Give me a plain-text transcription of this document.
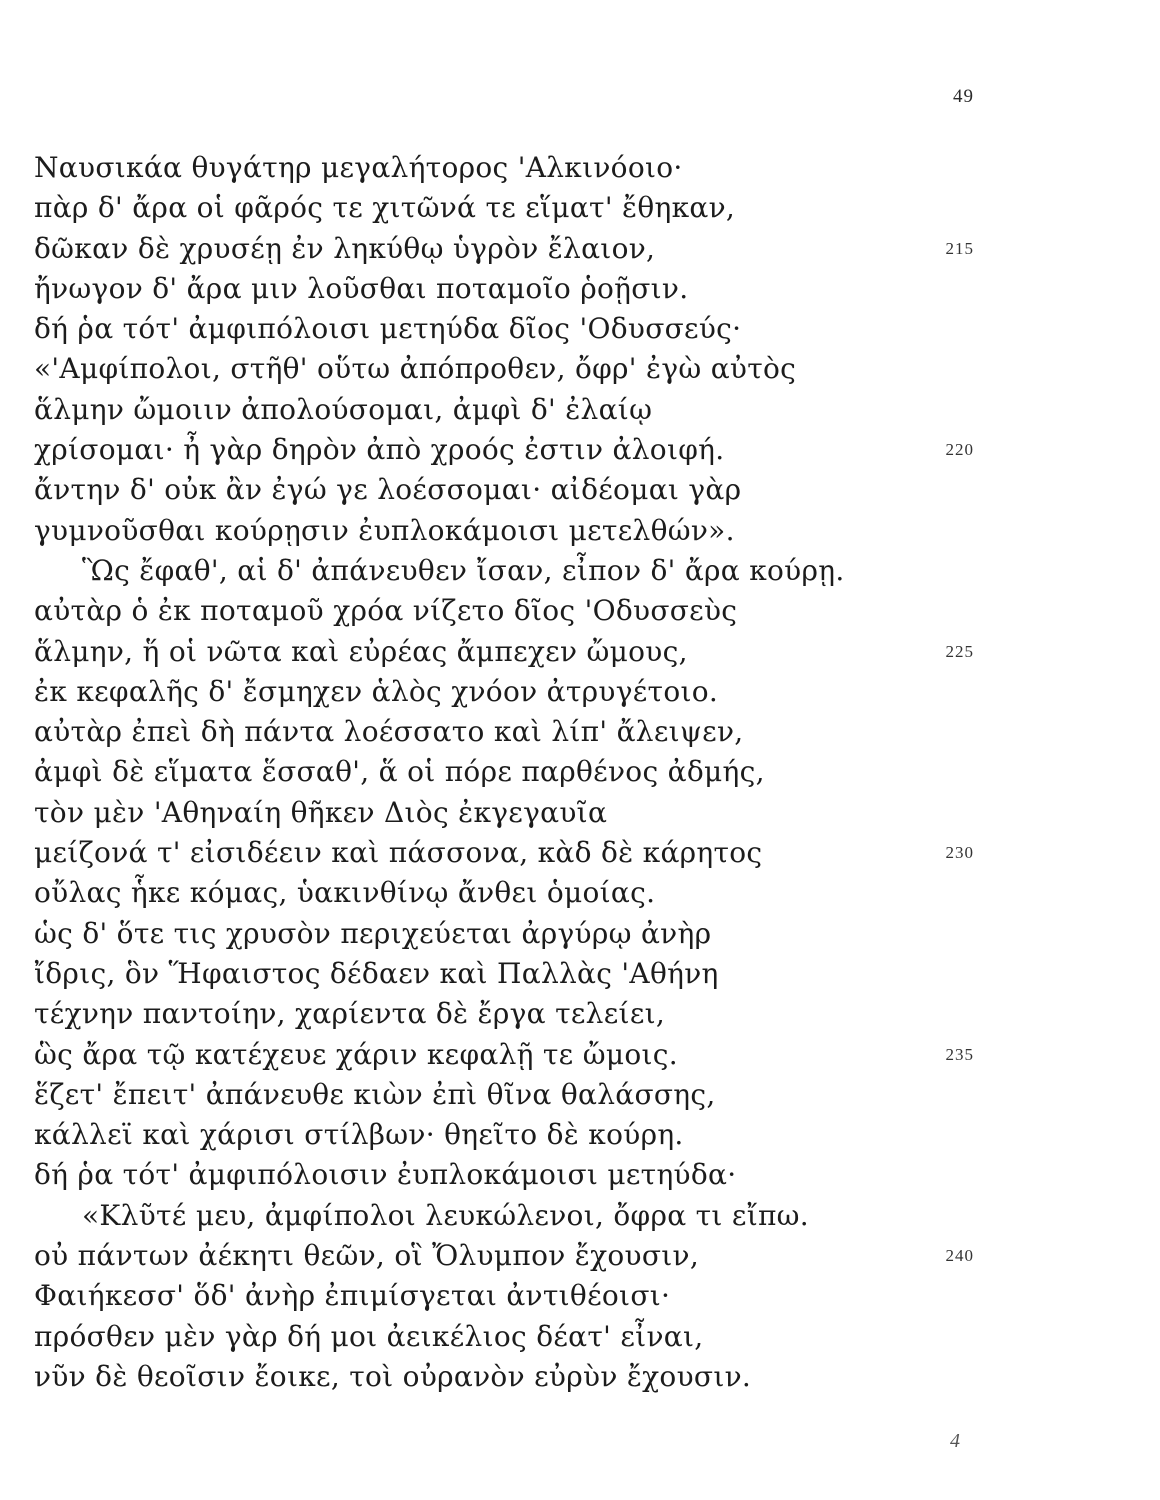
49
Ναυσικάα θυγάτηρ μεγαλήτορος 'Αλκινόοιο·
πὰρ δ' ἄρα οἱ φᾶρός τε χιτῶνά τε εἵματ' ἔθηκαν,
δῶκαν δὲ χρυσέῃ ἐν ληκύθῳ ὑγρὸν ἔλαιον,	215
ἤνωγον δ' ἄρα μιν λοῦσθαι ποταμοῖο ῥοῇσιν.
δή ῥα τότ' ἀμφιπόλοισι μετηύδα δῖος 'Οδυσσεύς·
«'Αμφίπολοι, στῆθ' οὕτω ἀπόπροθεν, ὄφρ' ἐγὼ αὐτὸς
ἅλμην ὤμοιιν ἀπολούσομαι, ἀμφὶ δ' ἐλαίῳ
χρίσομαι· ἦ γὰρ δηρὸν ἀπὸ χροός ἐστιν ἀλοιφή.	220
ἄντην δ' οὐκ ἂν ἐγώ γε λοέσσομαι· αἰδέομαι γὰρ
γυμνοῦσθαι κούρῃσιν ἐυπλοκάμοισι μετελθών».
Ὣς ἔφαθ', αἱ δ' ἀπάνευθεν ἴσαν, εἶπον δ' ἄρα κούρῃ.
αὐτὰρ ὁ ἐκ ποταμοῦ χρόα νίζετο δῖος 'Οδυσσεὺς
ἅλμην, ἥ οἱ νῶτα καὶ εὐρέας ἄμπεχεν ὤμους,	225
ἐκ κεφαλῆς δ' ἔσμηχεν ἁλὸς χνόον ἀτρυγέτοιο.
αὐτὰρ ἐπεὶ δὴ πάντα λοέσσατο καὶ λίπ' ἄλειψεν,
ἀμφὶ δὲ εἵματα ἕσσαθ', ἅ οἱ πόρε παρθένος ἀδμής,
τὸν μὲν 'Αθηναίη θῆκεν Διὸς ἐκγεγαυῖα
μείζονά τ' εἰσιδέειν καὶ πάσσονα, κὰδ δὲ κάρητος	230
οὔλας ἧκε κόμας, ὑακινθίνῳ ἄνθει ὁμοίας.
ὡς δ' ὅτε τις χρυσὸν περιχεύεται ἀργύρῳ ἀνὴρ
ἴδρις, ὃν Ἥφαιστος δέδαεν καὶ Παλλὰς 'Αθήνη
τέχνην παντοίην, χαρίεντα δὲ ἔργα τελείει,
ὣς ἄρα τῷ κατέχευε χάριν κεφαλῇ τε ὤμοις.	235
ἕζετ' ἔπειτ' ἀπάνευθε κιὼν ἐπὶ θῖνα θαλάσσης,
κάλλεϊ καὶ χάρισι στίλβων· θηεῖτο δὲ κούρη.
δή ῥα τότ' ἀμφιπόλοισιν ἐυπλοκάμοισι μετηύδα·
«Κλῦτέ μευ, ἀμφίπολοι λευκώλενοι, ὄφρα τι εἴπω.
οὐ πάντων ἀέκητι θεῶν, οἳ Ὄλυμπον ἔχουσιν,	240
Φαιήκεσσ' ὅδ' ἀνὴρ ἐπιμίσγεται ἀντιθέοισι·
πρόσθεν μὲν γὰρ δή μοι ἀεικέλιος δέατ' εἶναι,
νῦν δὲ θεοῖσιν ἔοικε, τοὶ οὐρανὸν εὐρὺν ἔχουσιν.
4
